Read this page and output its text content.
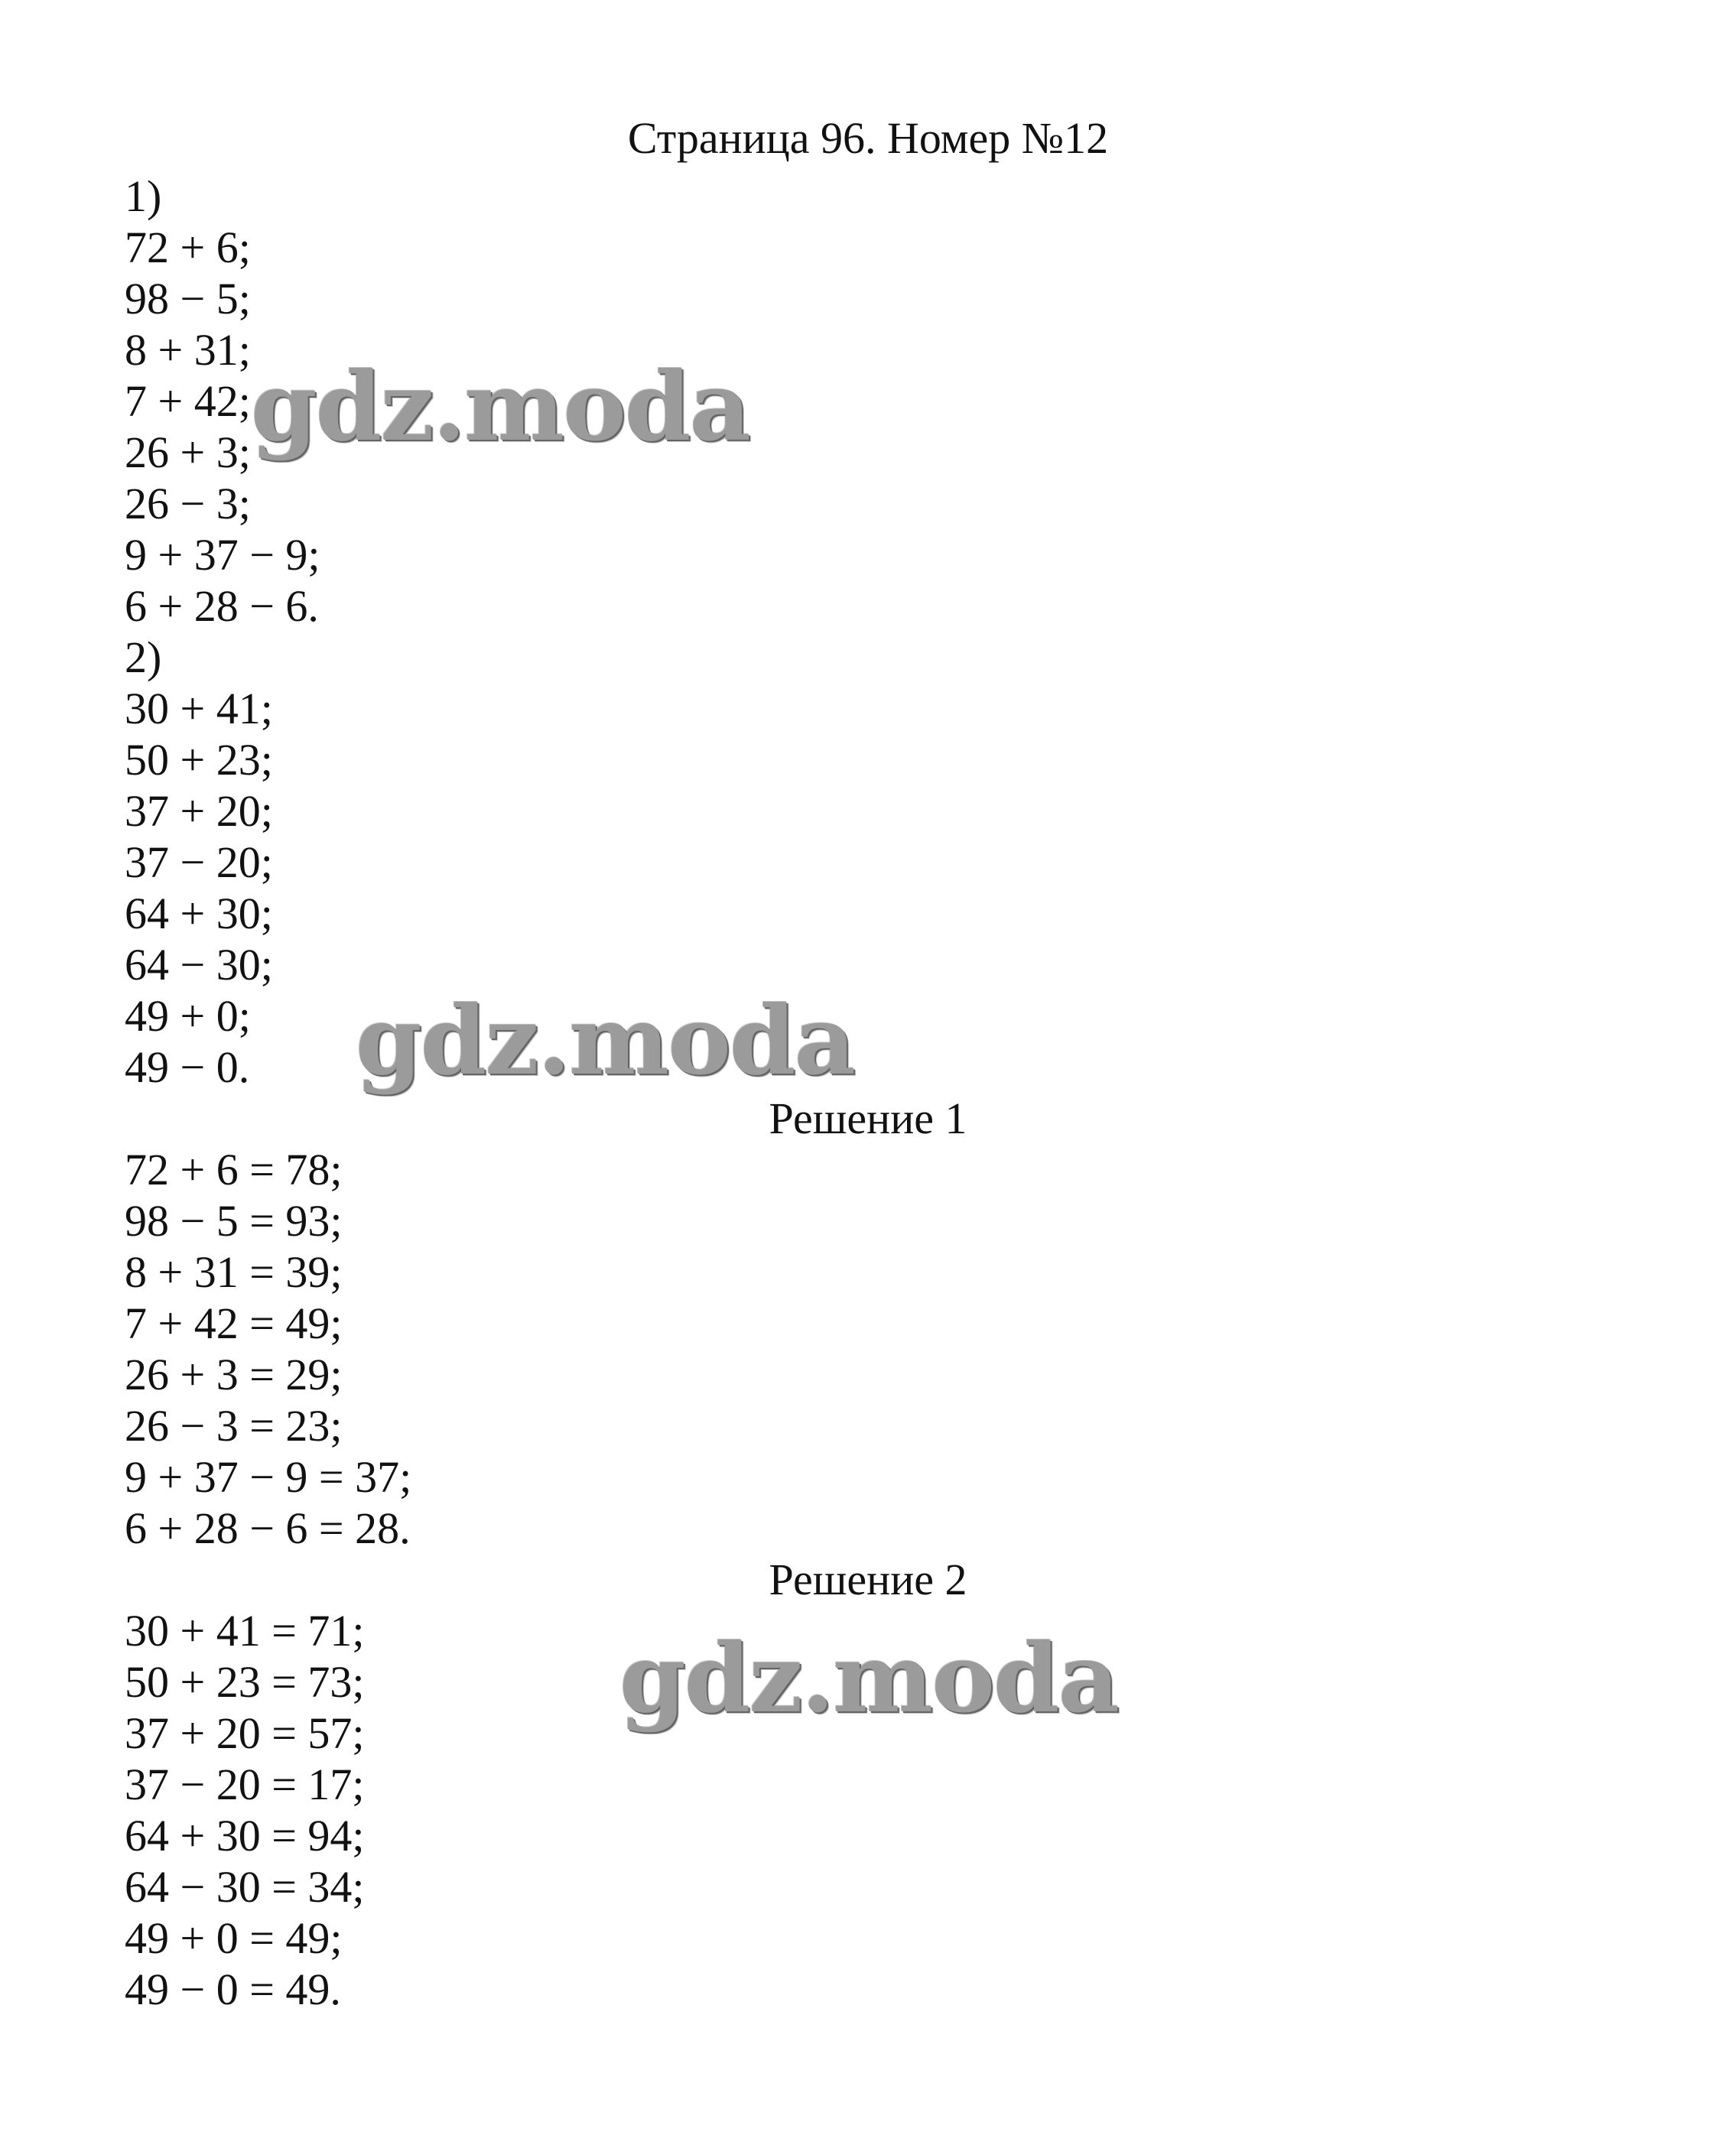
Страница 96. Номер №12
1)
72 + 6;
98 − 5;
8 + 31;
7 + 42;
26 + 3;
26 − 3;
9 + 37 − 9;
6 + 28 − 6.
2)
30 + 41;
50 + 23;
37 + 20;
37 − 20;
64 + 30;
64 − 30;
49 + 0;
49 − 0.
Решение 1
72 + 6 = 78;
98 − 5 = 93;
8 + 31 = 39;
7 + 42 = 49;
26 + 3 = 29;
26 − 3 = 23;
9 + 37 − 9 = 37;
6 + 28 − 6 = 28.
Решение 2
30 + 41 = 71;
50 + 23 = 73;
37 + 20 = 57;
37 − 20 = 17;
64 + 30 = 94;
64 − 30 = 34;
49 + 0 = 49;
49 − 0 = 49.
gdz.moda
gdz.moda
gdz.moda
